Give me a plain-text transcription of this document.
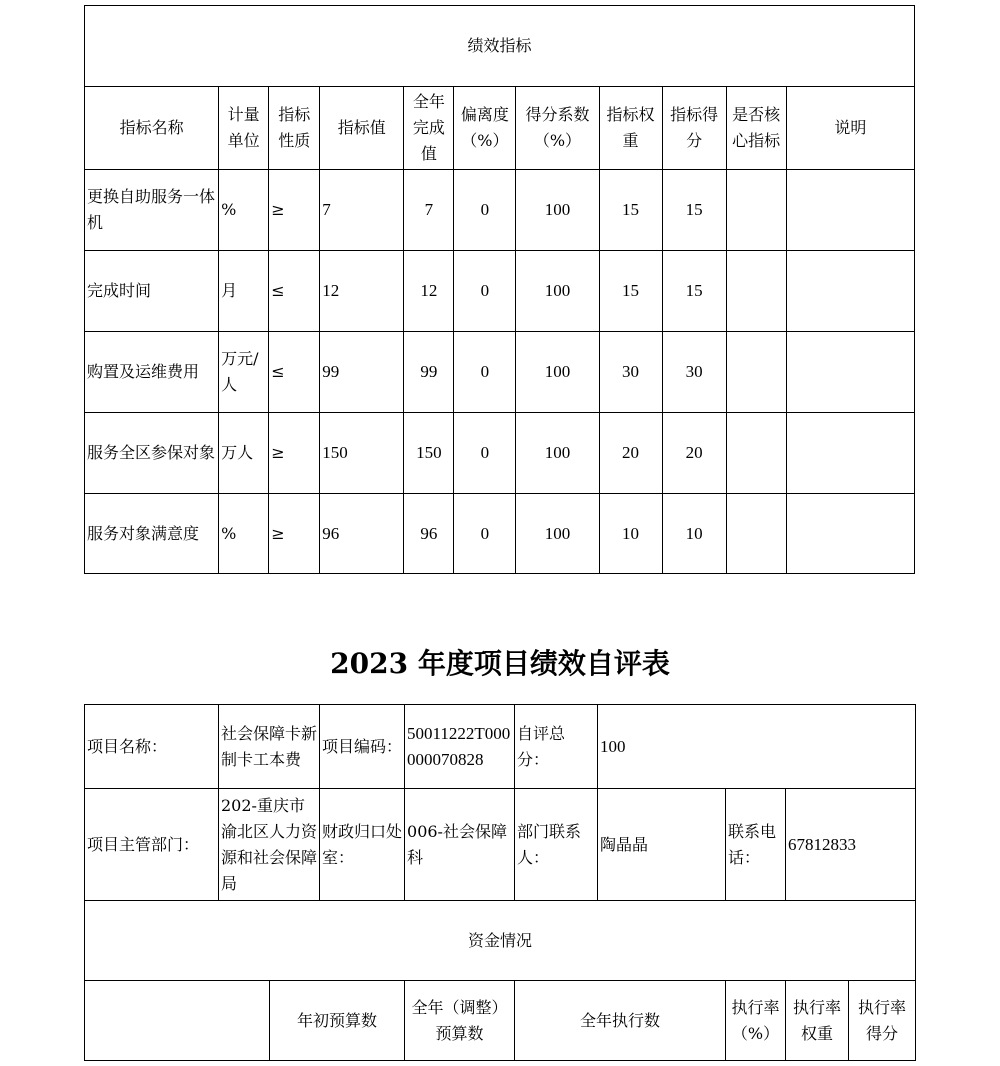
绩效指标										
指标名称	计量单位	指标性质	指标值	全年完成值	偏离度（%）	得分系数（%）	指标权重	指标得分	是否核心指标	说明
更换自助服务一体机	%	≥	7	7	0	100	15	15		
完成时间	月	≤	12	12	0	100	15	15		
购置及运维费用	万元/人	≤	99	99	0	100	30	30		
服务全区参保对象	万人	≥	150	150	0	100	20	20		
服务对象满意度	%	≥	96	96	0	100	10	10		
2023 年度项目绩效自评表
项目名称：	社会保障卡新制卡工本费		项目编码：	50011222T000000070828	自评总分：	100			
项目主管部门：	202-重庆市渝北区人力资源和社会保障局		财政归口处室：	006-社会保障科	部门联系人：	陶晶晶	联系电话：	67812833	
资金情况									
		年初预算数		全年（调整）预算数	全年执行数		执行率（%）	执行率权重	执行率得分
